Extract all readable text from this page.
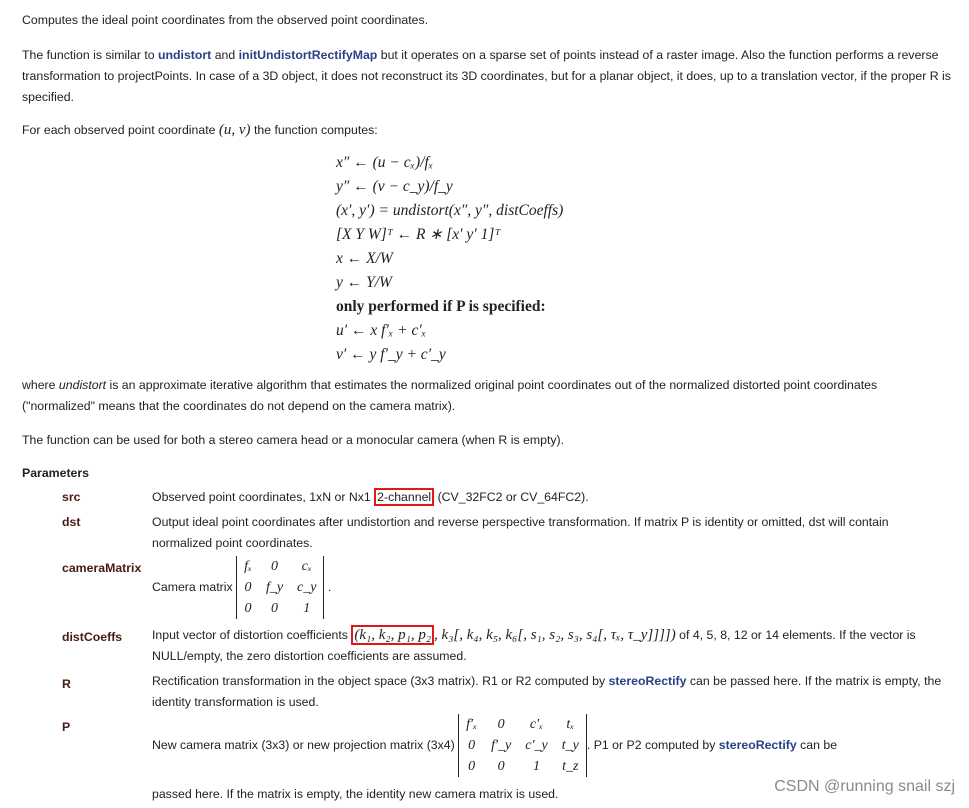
Computes the ideal point coordinates from the observed point coordinates.

The function is similar to undistort and initUndistortRectifyMap but it operates on a sparse set of points instead of a raster image. Also the function performs a reverse transformation to projectPoints. In case of a 3D object, it does not reconstruct its 3D coordinates, but for a planar object, it does, up to a translation vector, if the proper R is specified.

For each observed point coordinate (u, v) the function computes:

x″ ← (u − cₓ)/fₓ
y″ ← (v − c_y)/f_y
(x′, y′) = undistort(x″, y″, distCoeffs)
[X Y W]ᵀ ← R ∗ [x′ y′ 1]ᵀ
x ← X/W
y ← Y/W
only performed if P is specified:
u′ ← x f′ₓ + c′ₓ
v′ ← y f′_y + c′_y

where undistort is an approximate iterative algorithm that estimates the normalized original point coordinates out of the normalized distorted point coordinates ("normalized" means that the coordinates do not depend on the camera matrix).

The function can be used for both a stereo camera head or a monocular camera (when R is empty).

Parameters
src	Observed point coordinates, 1xN or Nx1 2-channel (CV_32FC2 or CV_64FC2).
dst	Output ideal point coordinates after undistortion and reverse perspective transformation. If matrix P is identity or omitted, dst will contain normalized point coordinates.
cameraMatrix
Camera matrix
fₓ	0	cₓ
0	f_y	c_y
0	0	1
.
distCoeffs Input vector of distortion coefficients (k₁, k₂, p₁, p₂ , k₃[, k₄, k₅, k₆[, s₁, s₂, s₃, s₄[, τₓ, τ_y]]]]) of 4, 5, 8, 12 or 14 elements. If the vector is NULL/empty, the zero distortion coefficients are assumed.
R	Rectification transformation in the object space (3x3 matrix). R1 or R2 computed by stereoRectify can be passed here. If the matrix is empty, the identity transformation is used.
P
New camera matrix (3x3) or new projection matrix (3x4)
f′ₓ	0	c′ₓ	tₓ
0	f′_y	c′_y	t_y
0	0	1	t_z
. P1 or P2 computed by stereoRectify can be
passed here. If the matrix is empty, the identity new camera matrix is used.	CSDN @running snail szj
